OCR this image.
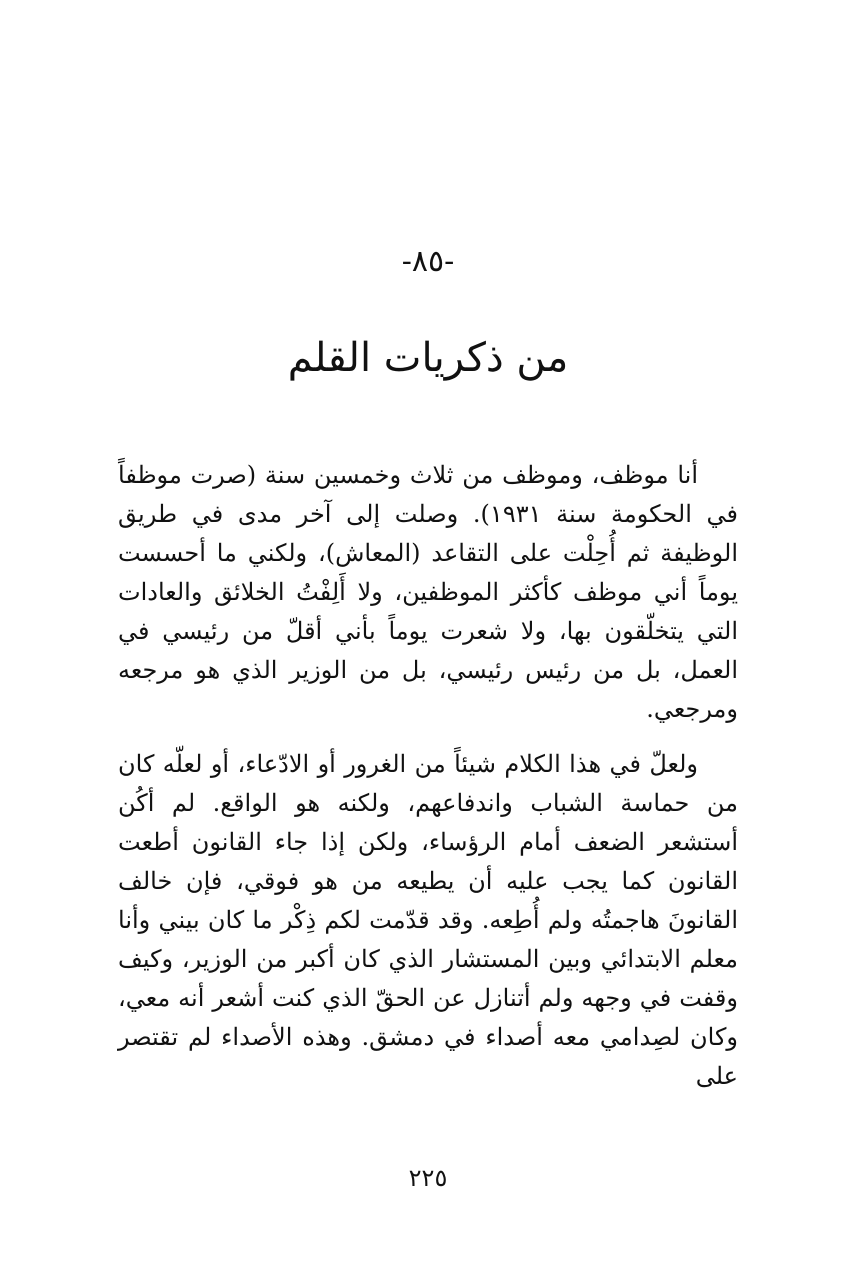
-٨٥-
من ذكريات القلم

أنا موظف، وموظف من ثلاث وخمسين سنة (صرت موظفاً في الحكومة سنة ١٩٣١). وصلت إلى آخر مدى في طريق الوظيفة ثم أُحِلْت على التقاعد (المعاش)، ولكني ما أحسست يوماً أني موظف كأكثر الموظفين، ولا أَلِفْتُ الخلائق والعادات التي يتخلّقون بها، ولا شعرت يوماً بأني أقلّ من رئيسي في العمل، بل من رئيس رئيسي، بل من الوزير الذي هو مرجعه ومرجعي.

ولعلّ في هذا الكلام شيئاً من الغرور أو الادّعاء، أو لعلّه كان من حماسة الشباب واندفاعهم، ولكنه هو الواقع. لم أكُن أستشعر الضعف أمام الرؤساء، ولكن إذا جاء القانون أطعت القانون كما يجب عليه أن يطيعه من هو فوقي، فإن خالف القانونَ هاجمتُه ولم أُطِعه. وقد قدّمت لكم ذِكْر ما كان بيني وأنا معلم الابتدائي وبين المستشار الذي كان أكبر من الوزير، وكيف وقفت في وجهه ولم أتنازل عن الحقّ الذي كنت أشعر أنه معي، وكان لصِدامي معه أصداء في دمشق. وهذه الأصداء لم تقتصر على

٢٢٥
